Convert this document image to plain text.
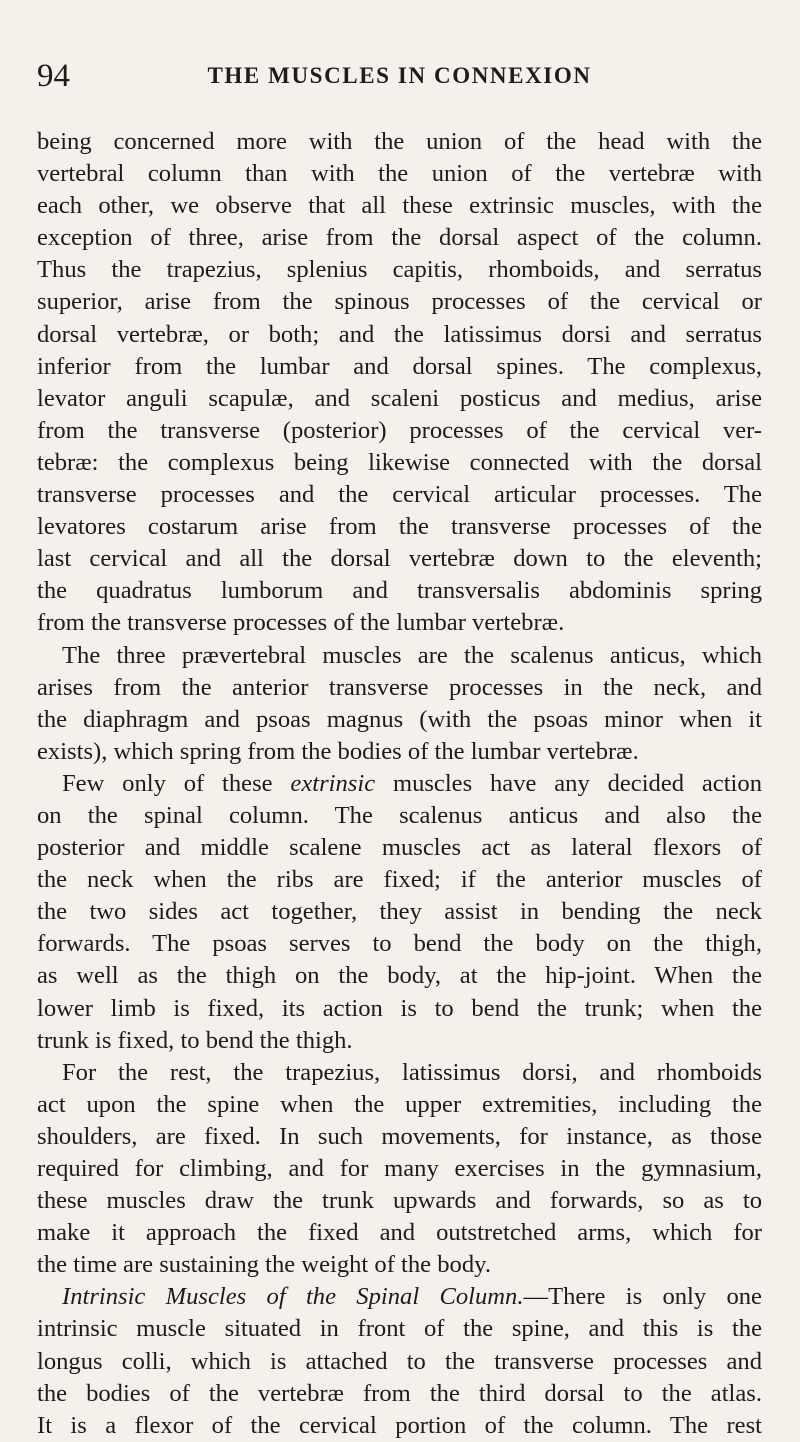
94	THE MUSCLES IN CONNEXION
being concerned more with the union of the head with the
vertebral column than with the union of the vertebræ with
each other, we observe that all these extrinsic muscles, with the
exception of three, arise from the dorsal aspect of the column.
Thus the trapezius, splenius capitis, rhomboids, and serratus
superior, arise from the spinous processes of the cervical or
dorsal vertebræ, or both; and the latissimus dorsi and serratus
inferior from the lumbar and dorsal spines. The complexus,
levator anguli scapulæ, and scaleni posticus and medius, arise
from the transverse (posterior) processes of the cervical ver-
tebræ: the complexus being likewise connected with the dorsal
transverse processes and the cervical articular processes. The
levatores costarum arise from the transverse processes of the
last cervical and all the dorsal vertebræ down to the eleventh;
the quadratus lumborum and transversalis abdominis spring
from the transverse processes of the lumbar vertebræ.
The three prævertebral muscles are the scalenus anticus, which
arises from the anterior transverse processes in the neck, and
the diaphragm and psoas magnus (with the psoas minor when it
exists), which spring from the bodies of the lumbar vertebræ.
Few only of these extrinsic muscles have any decided action
on the spinal column. The scalenus anticus and also the
posterior and middle scalene muscles act as lateral flexors of
the neck when the ribs are fixed; if the anterior muscles of
the two sides act together, they assist in bending the neck
forwards. The psoas serves to bend the body on the thigh,
as well as the thigh on the body, at the hip-joint. When the
lower limb is fixed, its action is to bend the trunk; when the
trunk is fixed, to bend the thigh.
For the rest, the trapezius, latissimus dorsi, and rhomboids
act upon the spine when the upper extremities, including the
shoulders, are fixed. In such movements, for instance, as those
required for climbing, and for many exercises in the gymnasium,
these muscles draw the trunk upwards and forwards, so as to
make it approach the fixed and outstretched arms, which for
the time are sustaining the weight of the body.
Intrinsic Muscles of the Spinal Column.—There is only one
intrinsic muscle situated in front of the spine, and this is the
longus colli, which is attached to the transverse processes and
the bodies of the vertebræ from the third dorsal to the atlas.
It is a flexor of the cervical portion of the column. The rest
